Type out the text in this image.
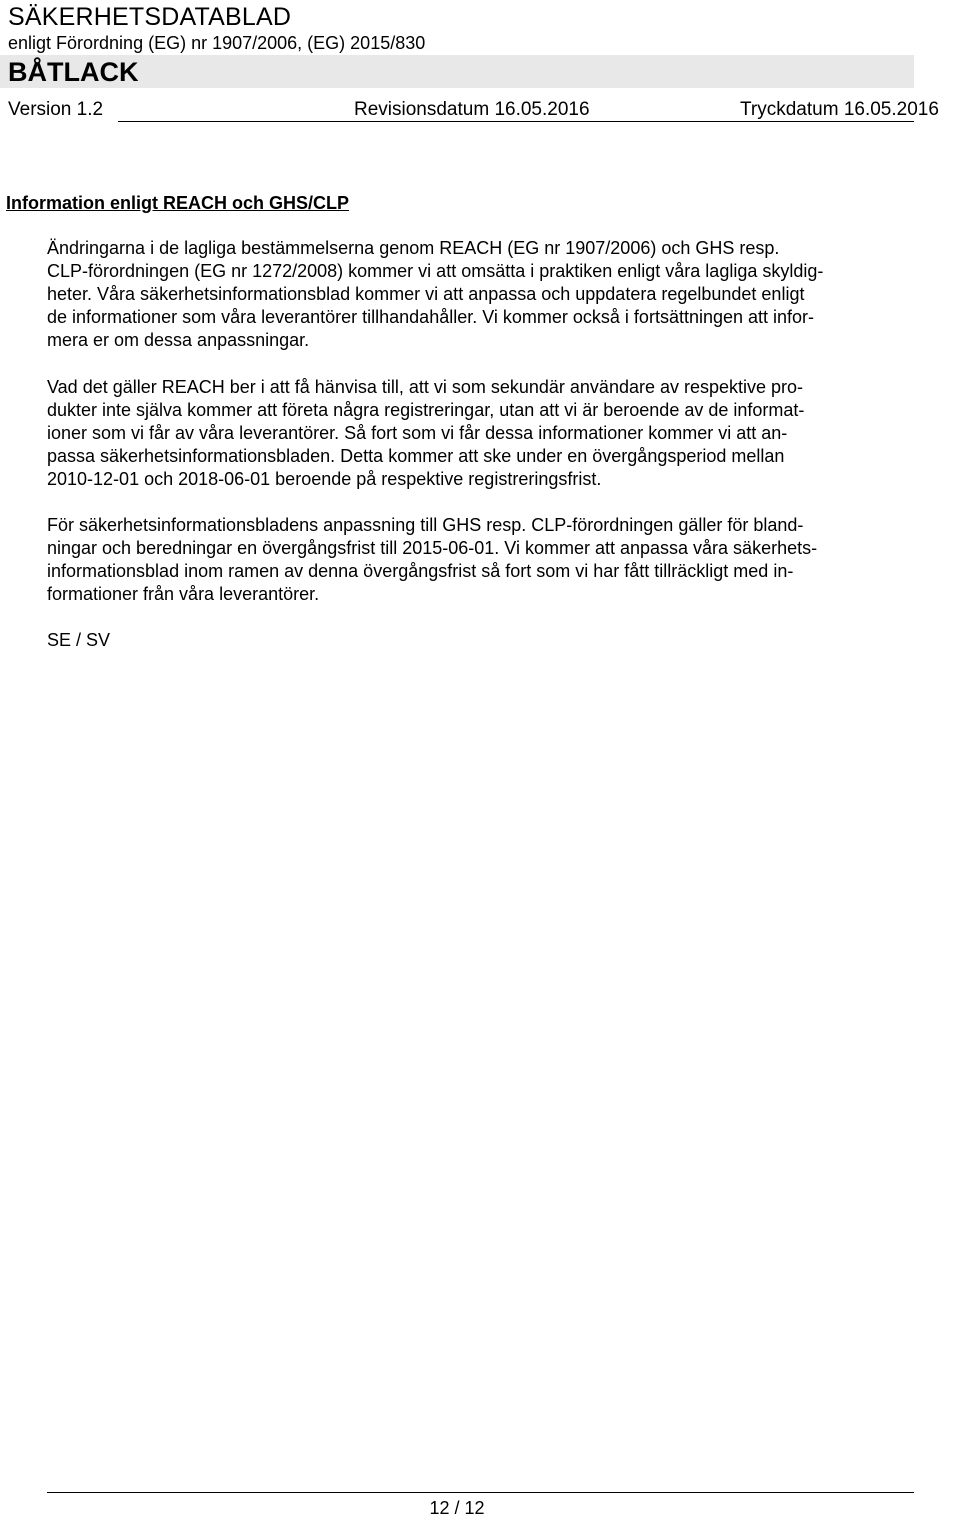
SÄKERHETSDATABLAD
enligt Förordning (EG) nr 1907/2006, (EG) 2015/830
BÅTLACK
Version 1.2	Revisionsdatum 16.05.2016	Tryckdatum 16.05.2016
Information enligt REACH och GHS/CLP
Ändringarna i de lagliga bestämmelserna genom REACH (EG nr 1907/2006) och GHS resp.
CLP-förordningen (EG nr 1272/2008) kommer vi att omsätta i praktiken enligt våra lagliga skyldig-
heter. Våra säkerhetsinformationsblad kommer vi att anpassa och uppdatera regelbundet enligt
de informationer som våra leverantörer tillhandahåller. Vi kommer också i fortsättningen att infor-
mera er om dessa anpassningar.
Vad det gäller REACH ber i att få hänvisa till, att vi som sekundär användare av respektive pro-
dukter inte själva kommer att företa några registreringar, utan att vi är beroende av de informat-
ioner som vi får av våra leverantörer. Så fort som vi får dessa informationer kommer vi att an-
passa säkerhetsinformationsbladen. Detta kommer att ske under en övergångsperiod mellan
2010-12-01 och 2018-06-01 beroende på respektive registreringsfrist.
För säkerhetsinformationsbladens anpassning till GHS resp. CLP-förordningen gäller för bland-
ningar och beredningar en övergångsfrist till 2015-06-01. Vi kommer att anpassa våra säkerhets-
informationsblad inom ramen av denna övergångsfrist så fort som vi har fått tillräckligt med in-
formationer från våra leverantörer.
SE / SV
12 / 12
